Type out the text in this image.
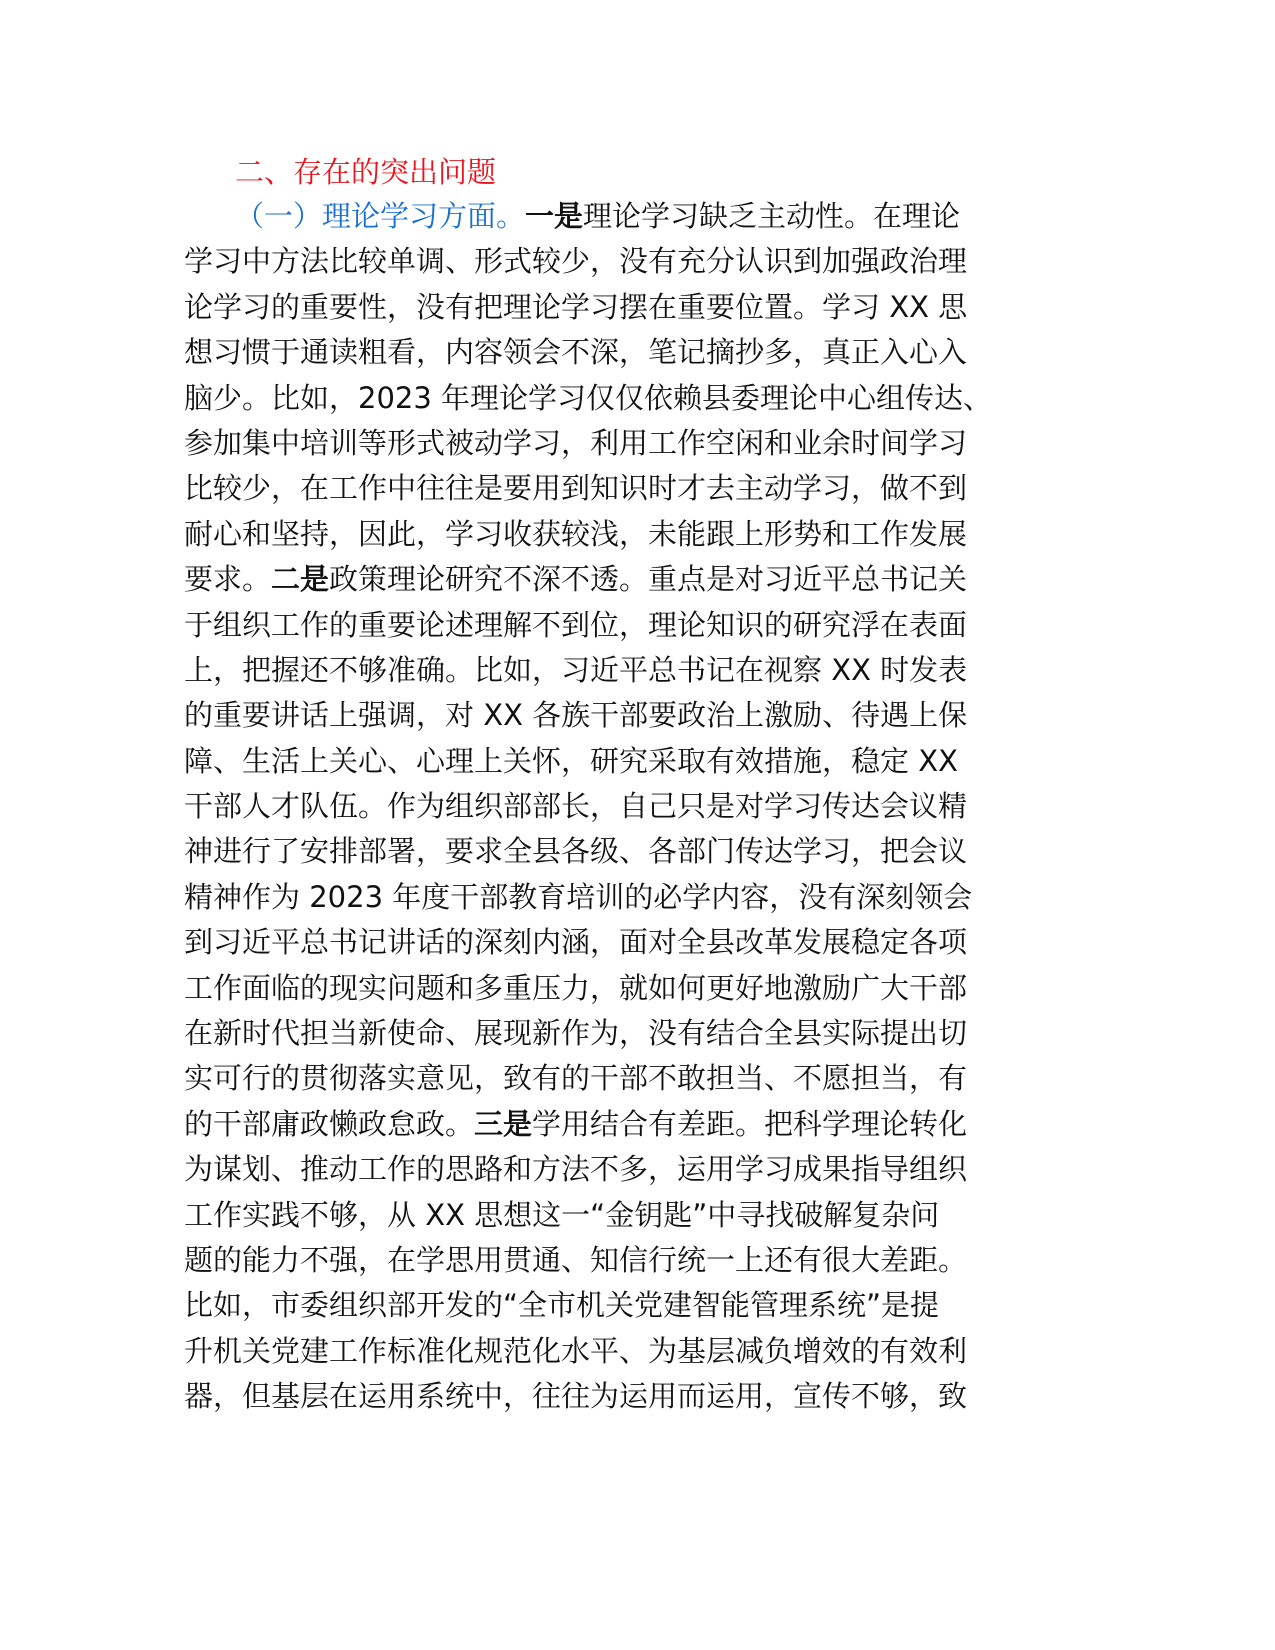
二、存在的突出问题
（一）理论学习方面。一是理论学习缺乏主动性。在理论
学习中方法比较单调、形式较少，没有充分认识到加强政治理
论学习的重要性，没有把理论学习摆在重要位置。学习 XX 思
想习惯于通读粗看，内容领会不深，笔记摘抄多，真正入心入
脑少。比如，2023 年理论学习仅仅依赖县委理论中心组传达、
参加集中培训等形式被动学习，利用工作空闲和业余时间学习
比较少，在工作中往往是要用到知识时才去主动学习，做不到
耐心和坚持，因此，学习收获较浅，未能跟上形势和工作发展
要求。二是政策理论研究不深不透。重点是对习近平总书记关
于组织工作的重要论述理解不到位，理论知识的研究浮在表面
上，把握还不够准确。比如，习近平总书记在视察 XX 时发表
的重要讲话上强调，对 XX 各族干部要政治上激励、待遇上保
障、生活上关心、心理上关怀，研究采取有效措施，稳定 XX
干部人才队伍。作为组织部部长，自己只是对学习传达会议精
神进行了安排部署，要求全县各级、各部门传达学习，把会议
精神作为 2023 年度干部教育培训的必学内容，没有深刻领会
到习近平总书记讲话的深刻内涵，面对全县改革发展稳定各项
工作面临的现实问题和多重压力，就如何更好地激励广大干部
在新时代担当新使命、展现新作为，没有结合全县实际提出切
实可行的贯彻落实意见，致有的干部不敢担当、不愿担当，有
的干部庸政懒政怠政。三是学用结合有差距。把科学理论转化
为谋划、推动工作的思路和方法不多，运用学习成果指导组织
工作实践不够，从 XX 思想这一“金钥匙”中寻找破解复杂问
题的能力不强，在学思用贯通、知信行统一上还有很大差距。
比如，市委组织部开发的“全市机关党建智能管理系统”是提
升机关党建工作标准化规范化水平、为基层减负增效的有效利
器，但基层在运用系统中，往往为运用而运用，宣传不够，致
